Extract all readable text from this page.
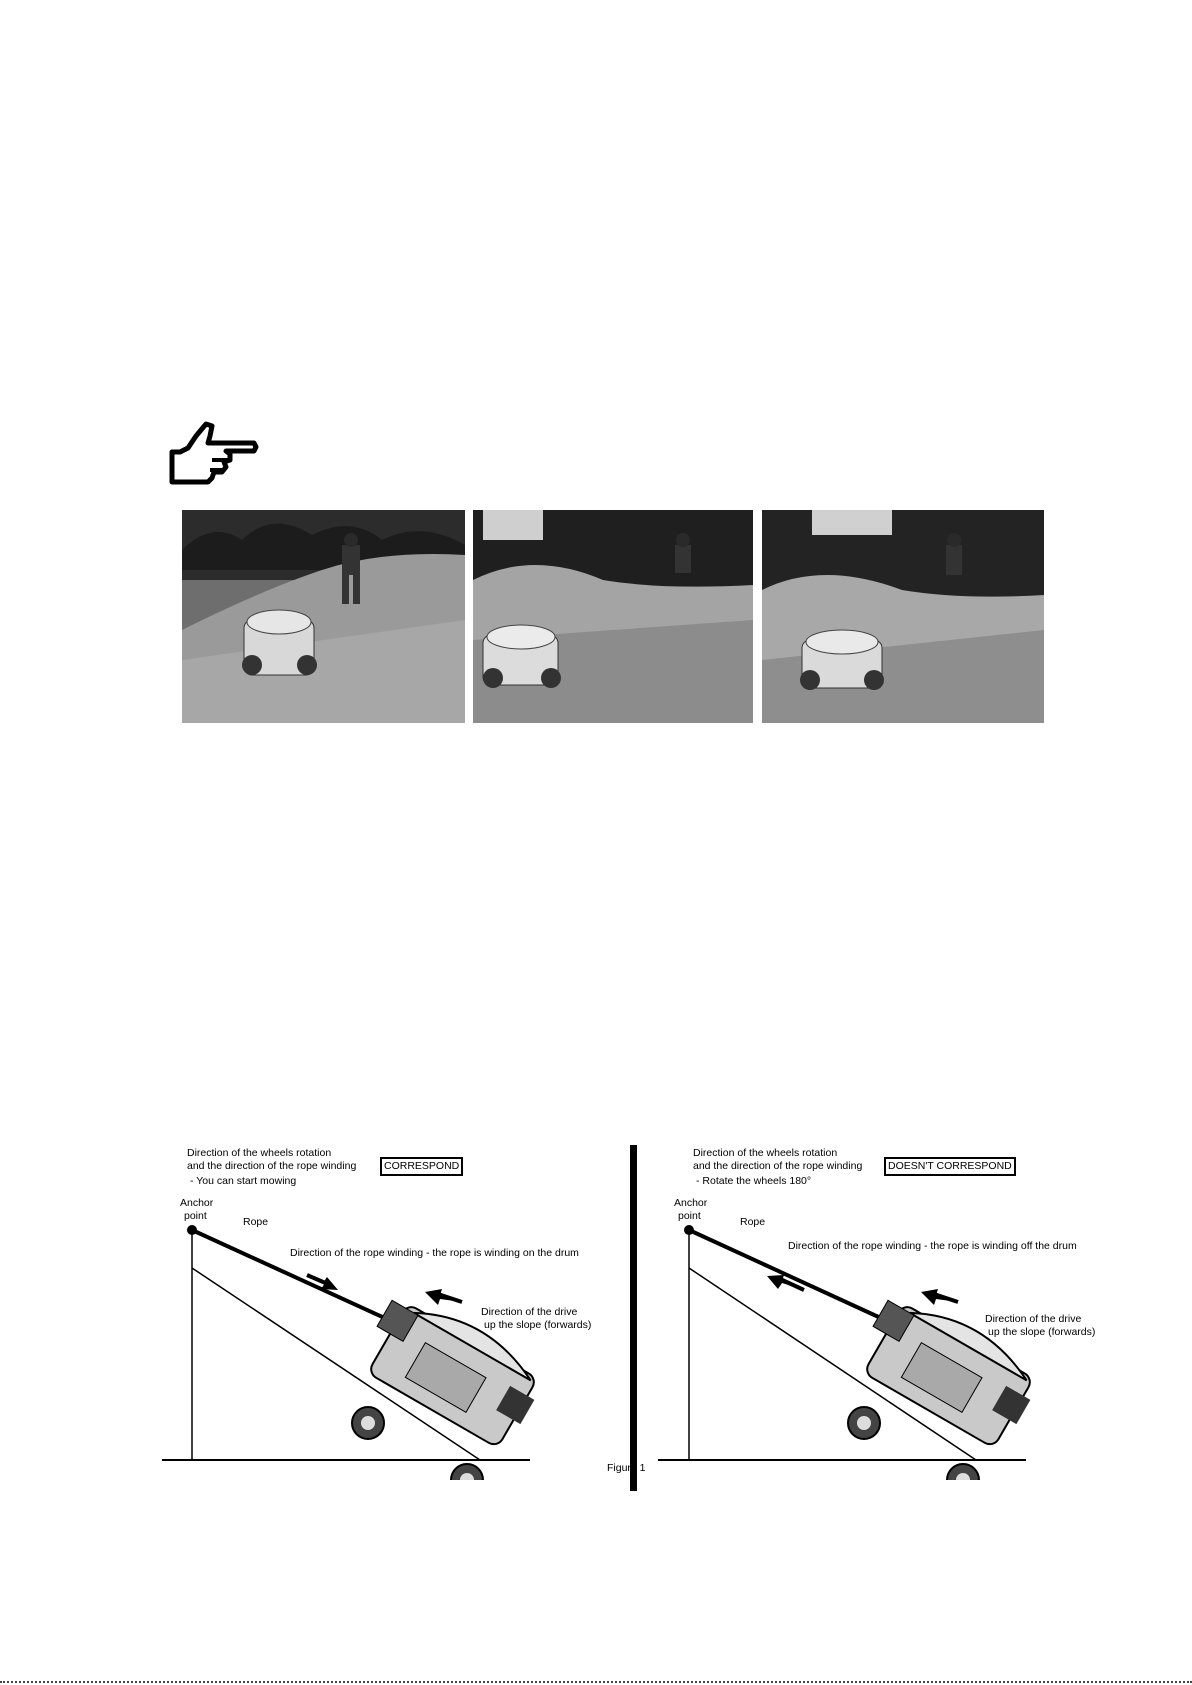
Direction of the wheels rotation
and the direction of the rope winding	CORRESPOND
- You can start mowing
Anchor
point	Rope
Direction of the rope winding - the rope is winding on the drum
Direction of the drive
up the slope (forwards)
Direction of the wheels rotation
and the direction of the rope winding	DOESN'T CORRESPOND
- Rotate the wheels 180°
Anchor
point	Rope
Direction of the rope winding - the rope is winding off the drum
Direction of the drive
up the slope (forwards)
Figure 1
